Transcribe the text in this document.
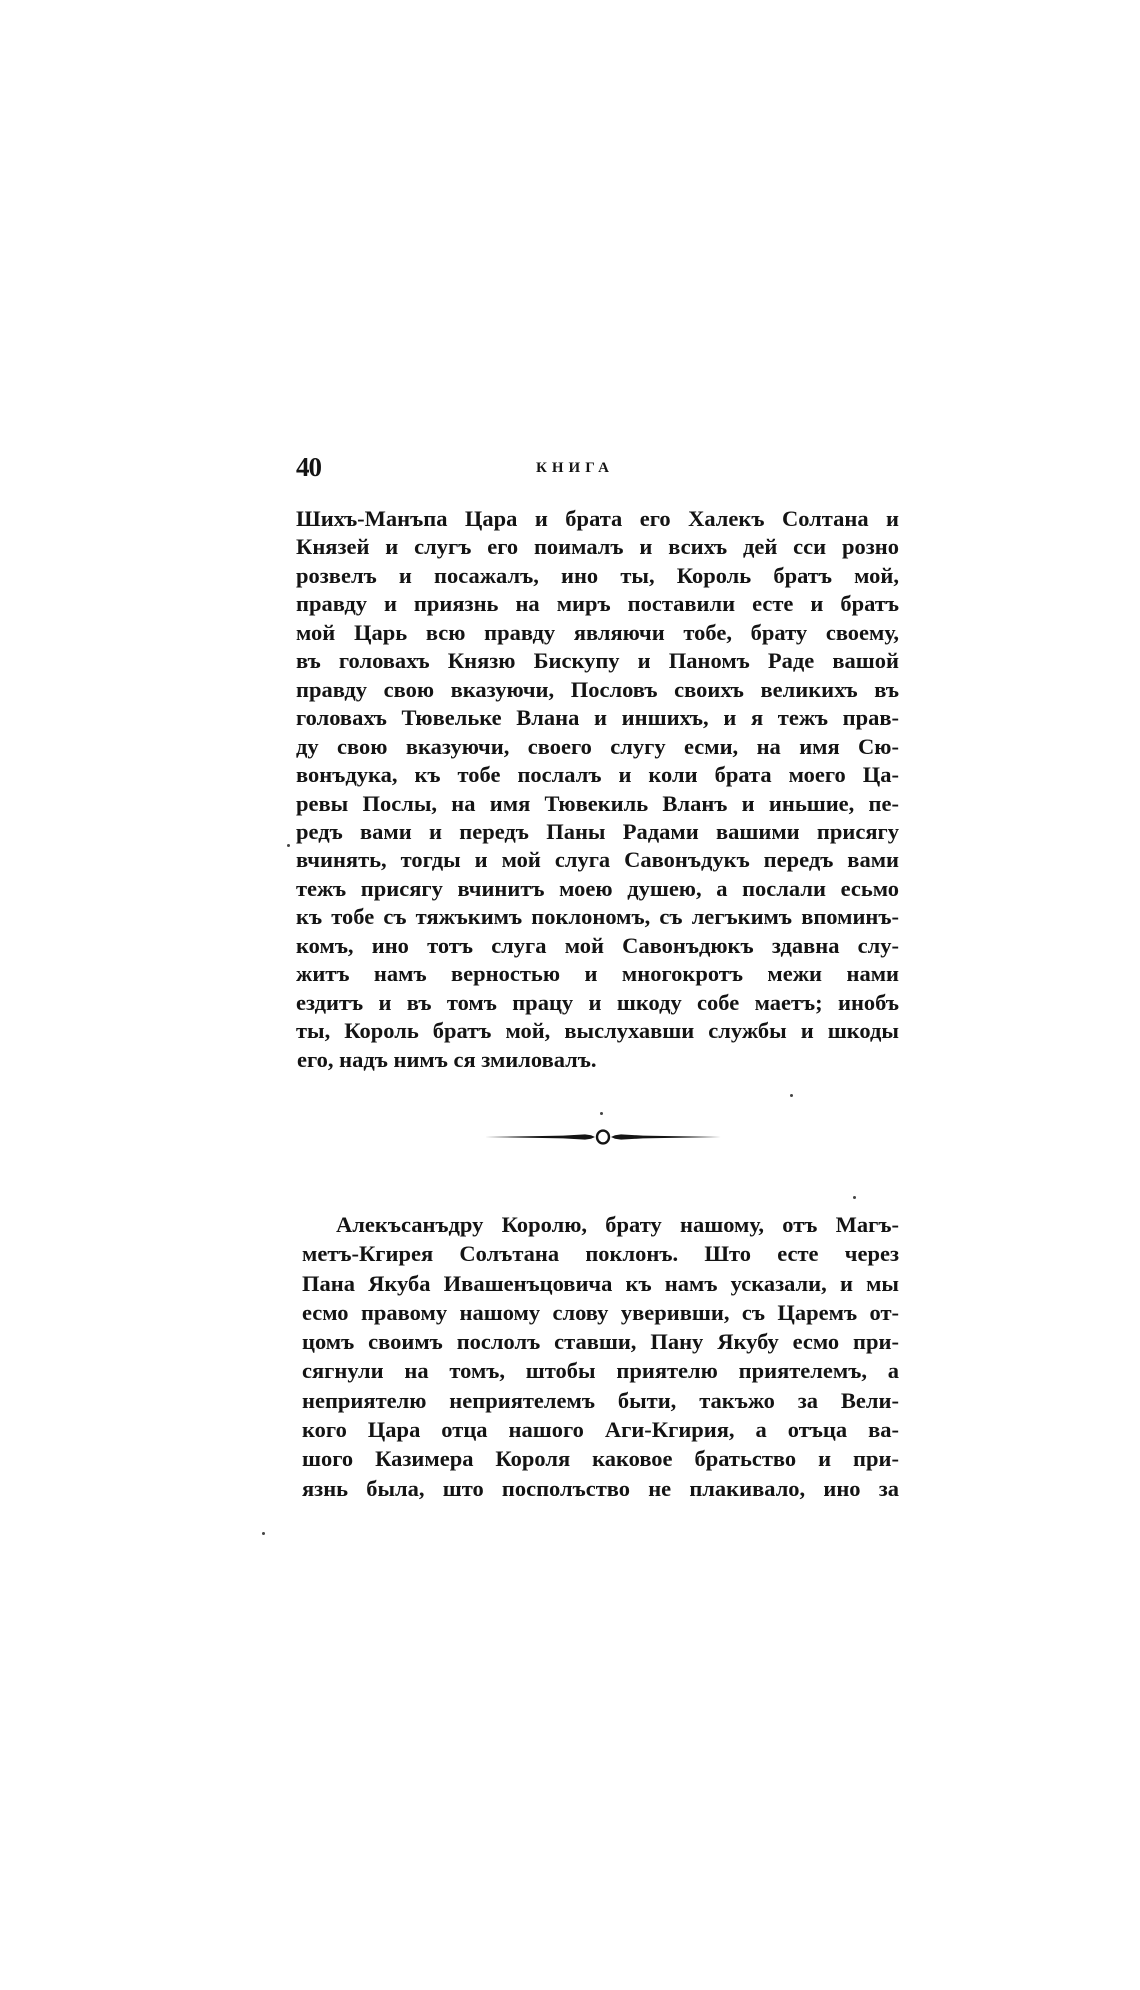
40	КНИГА
Шихъ-Манъпа Цара и брата его Халекъ Солтана и
Князей и слугъ его поималъ и всихъ дей сси розно
розвелъ и посажалъ, ино ты, Король братъ мой,
правду и приязнь на миръ поставили есте и братъ
мой Царь всю правду являючи тобе, брату своему,
въ головахъ Князю Бискупу и Паномъ Раде вашой
правду свою вказуючи, Пословъ своихъ великихъ въ
головахъ Тювельке Влана и иншихъ, и я тежъ прав-
ду свою вказуючи, своего слугу есми, на имя Сю-
вонъдука, къ тобе послалъ и коли брата моего Ца-
ревы Послы, на имя Тювекиль Вланъ и иньшие, пе-
редъ вами и передъ Паны Радами вашими присягу
вчинять, тогды и мой слуга Савонъдукъ передъ вами
тежъ присягу вчинитъ моею душею, а послали есьмо
къ тобе съ тяжъкимъ поклономъ, съ легъкимъ впоминъ-
комъ, ино тотъ слуга мой Савонъдюкъ здавна слу-
житъ намъ верностью и многокротъ межи нами
ездитъ и въ томъ працу и шкоду собе маетъ; инобъ
ты, Король братъ мой, выслухавши службы и шкоды
его, надъ нимъ ся змиловалъ.
Алекъсанъдру Королю, брату нашому, отъ Магъ-
метъ-Кгирея Солътана поклонъ. Што есте через
Пана Якуба Ивашенъцовича къ намъ усказали, и мы
есмо правому нашому слову уверивши, съ Царемъ от-
цомъ своимъ послолъ ставши, Пану Якубу есмо при-
сягнули на томъ, штобы приятелю приятелемъ, а
неприятелю неприятелемъ быти, такъжо за Вели-
кого Цара отца нашого Аги-Кгирия, а отъца ва-
шого Казимера Короля каковое братьство и при-
язнь была, што посполъство не плакивало, ино за
